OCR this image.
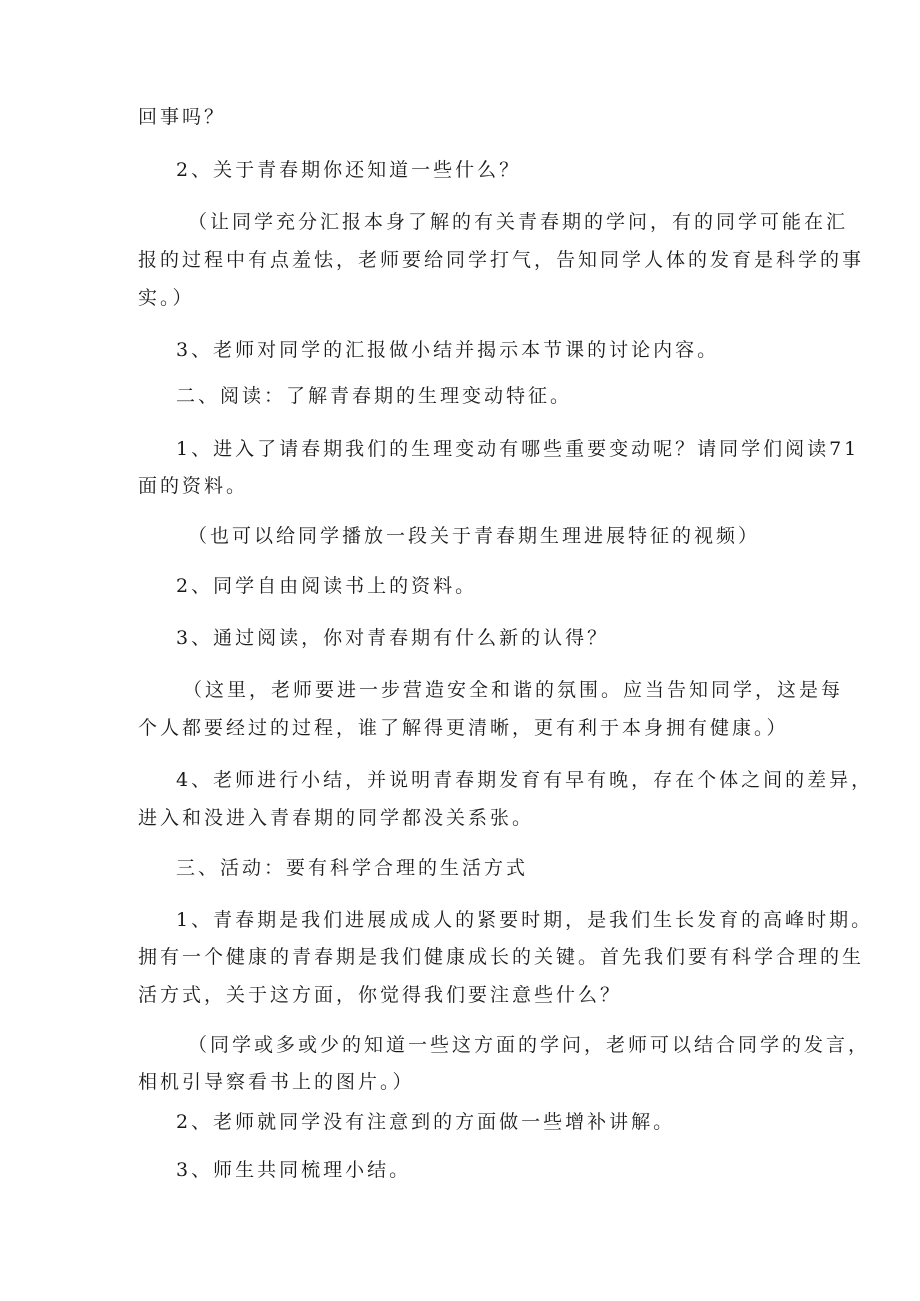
回事吗？
2、关于青春期你还知道一些什么？
（让同学充分汇报本身了解的有关青春期的学问，有的同学可能在汇
报的过程中有点羞怯，老师要给同学打气，告知同学人体的发育是科学的事
实。）
3、老师对同学的汇报做小结并揭示本节课的讨论内容。
二、阅读：了解青春期的生理变动特征。
1、进入了请春期我们的生理变动有哪些重要变动呢？请同学们阅读71
面的资料。
（也可以给同学播放一段关于青春期生理进展特征的视频）
2、同学自由阅读书上的资料。
3、通过阅读，你对青春期有什么新的认得？
（这里，老师要进一步营造安全和谐的氛围。应当告知同学，这是每
个人都要经过的过程，谁了解得更清晰，更有利于本身拥有健康。）
4、老师进行小结，并说明青春期发育有早有晚，存在个体之间的差异，
进入和没进入青春期的同学都没关系张。
三、活动：要有科学合理的生活方式
1、青春期是我们进展成成人的紧要时期，是我们生长发育的高峰时期。
拥有一个健康的青春期是我们健康成长的关键。首先我们要有科学合理的生
活方式，关于这方面，你觉得我们要注意些什么？
（同学或多或少的知道一些这方面的学问，老师可以结合同学的发言，
相机引导察看书上的图片。）
2、老师就同学没有注意到的方面做一些增补讲解。
3、师生共同梳理小结。
